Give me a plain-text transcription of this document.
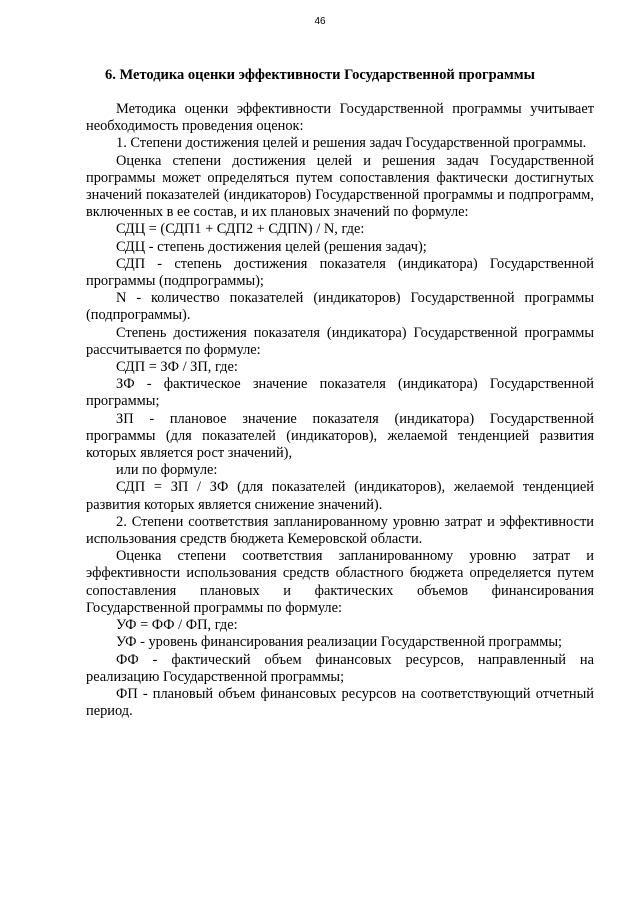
46
6. Методика оценки эффективности Государственной программы

Методика оценки эффективности Государственной программы учитывает необходимость проведения оценок:

1. Степени достижения целей и решения задач Государственной программы.

Оценка степени достижения целей и решения задач Государственной программы может определяться путем сопоставления фактически достигнутых значений показателей (индикаторов) Государственной программы и подпрограмм, включенных в ее состав, и их плановых значений по формуле:

СДЦ = (СДП1 + СДП2 + СДПN) / N, где:

СДЦ - степень достижения целей (решения задач);

СДП - степень достижения показателя (индикатора) Государственной программы (подпрограммы);

N - количество показателей (индикаторов) Государственной программы (подпрограммы).

Степень достижения показателя (индикатора) Государственной программы рассчитывается по формуле:

СДП = ЗФ / ЗП, где:

ЗФ - фактическое значение показателя (индикатора) Государственной программы;

ЗП - плановое значение показателя (индикатора) Государственной программы (для показателей (индикаторов), желаемой тенденцией развития которых является рост значений),

или по формуле:

СДП = ЗП / ЗФ (для показателей (индикаторов), желаемой тенденцией развития которых является снижение значений).

2. Степени соответствия запланированному уровню затрат и эффективности использования средств бюджета Кемеровской области.

Оценка степени соответствия запланированному уровню затрат и эффективности использования средств областного бюджета определяется путем сопоставления плановых и фактических объемов финансирования Государственной программы по формуле:

УФ = ФФ / ФП, где:

УФ - уровень финансирования реализации Государственной программы;

ФФ - фактический объем финансовых ресурсов, направленный на реализацию Государственной программы;

ФП - плановый объем финансовых ресурсов на соответствующий отчетный период.
